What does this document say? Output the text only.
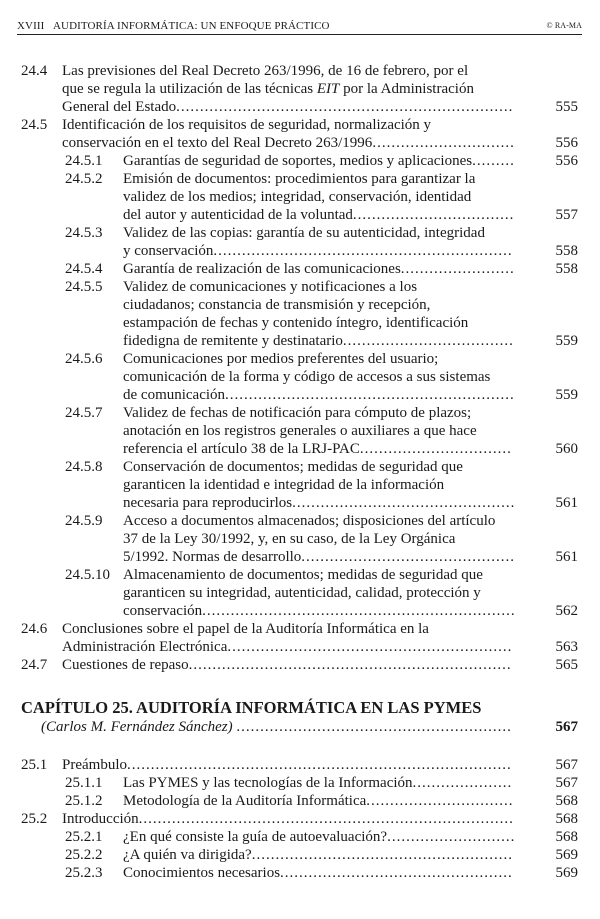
XVIII AUDITORÍA INFORMÁTICA: UN ENFOQUE PRÁCTICO	© RA-MA
24.4 Las previsiones del Real Decreto 263/1996, de 16 de febrero, por el
que se regula la utilización de las técnicas EIT por la Administración
General del Estado.......................................................................	555
24.5 Identificación de los requisitos de seguridad, normalización y
conservación en el texto del Real Decreto 263/1996..............................	556
24.5.1 Garantías de seguridad de soportes, medios y aplicaciones.........	556
24.5.2 Emisión de documentos: procedimientos para garantizar la
validez de los medios; integridad, conservación, identidad
del autor y autenticidad de la voluntad..................................	557
24.5.3 Validez de las copias: garantía de su autenticidad, integridad
y conservación...............................................................	558
24.5.4 Garantía de realización de las comunicaciones........................	558
24.5.5 Validez de comunicaciones y notificaciones a los
ciudadanos; constancia de transmisión y recepción,
estampación de fechas y contenido íntegro, identificación
fidedigna de remitente y destinatario....................................	559
24.5.6 Comunicaciones por medios preferentes del usuario;
comunicación de la forma y código de accesos a sus sistemas
de comunicación.............................................................	559
24.5.7 Validez de fechas de notificación para cómputo de plazos;
anotación en los registros generales o auxiliares a que hace
referencia el artículo 38 de la LRJ-PAC................................	560
24.5.8 Conservación de documentos; medidas de seguridad que
garanticen la identidad e integridad de la información
necesaria para reproducirlos...............................................	561
24.5.9 Acceso a documentos almacenados; disposiciones del artículo
37 de la Ley 30/1992, y, en su caso, de la Ley Orgánica
5/1992. Normas de desarrollo.............................................	561
24.5.10 Almacenamiento de documentos; medidas de seguridad que
garanticen su integridad, autenticidad, calidad, protección y
conservación..................................................................	562
24.6 Conclusiones sobre el papel de la Auditoría Informática en la
Administración Electrónica............................................................	563
24.7 Cuestiones de repaso....................................................................	565
CAPÍTULO 25. AUDITORÍA INFORMÁTICA EN LAS PYMES
(Carlos M. Fernández Sánchez) ..........................................................	567
25.1 Preámbulo.................................................................................	567
25.1.1 Las PYMES y las tecnologías de la Información.....................	567
25.1.2 Metodología de la Auditoría Informática...............................	568
25.2 Introducción...............................................................................	568
25.2.1 ¿En qué consiste la guía de autoevaluación?...........................	568
25.2.2 ¿A quién va dirigida?.......................................................	569
25.2.3 Conocimientos necesarios.................................................	569
